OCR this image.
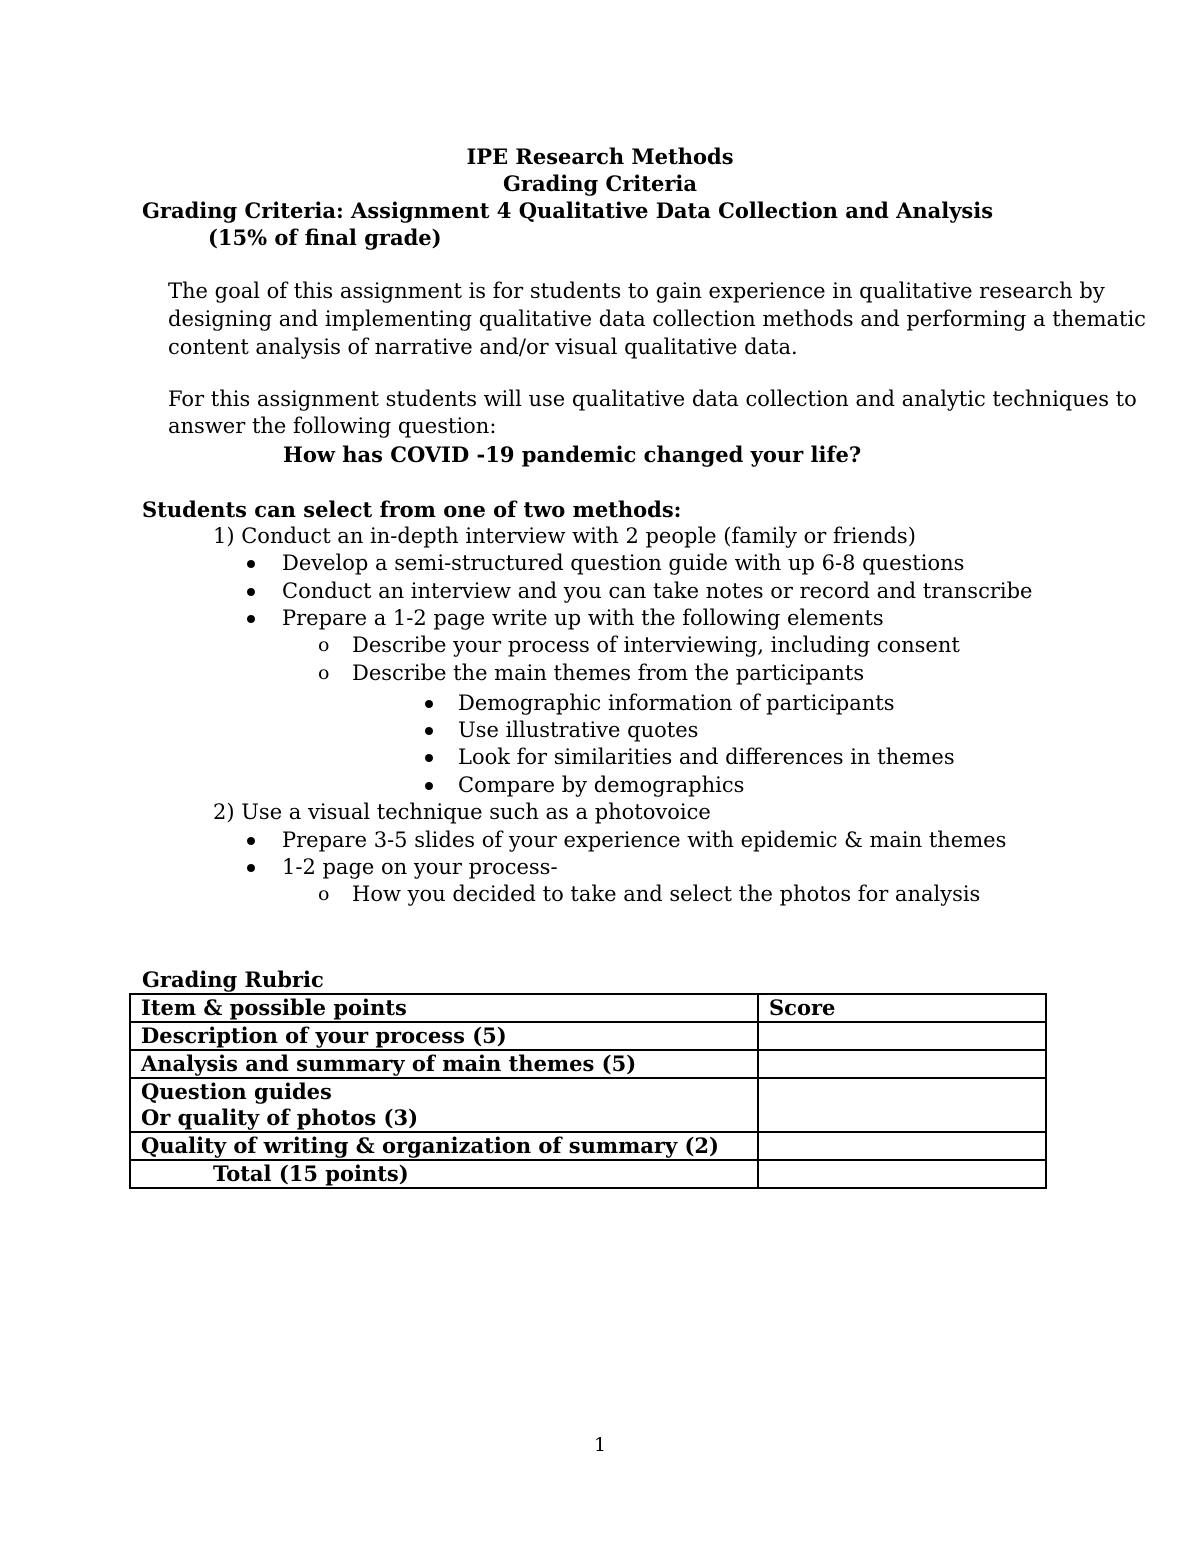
IPE Research Methods
Grading Criteria
Grading Criteria: Assignment 4 Qualitative Data Collection and Analysis
(15% of final grade)
The goal of this assignment is for students to gain experience in qualitative research by
designing and implementing qualitative data collection methods and performing a thematic
content analysis of narrative and/or visual qualitative data.
For this assignment students will use qualitative data collection and analytic techniques to
answer the following question:
How has COVID -19 pandemic changed your life?
Students can select from one of two methods:
1) Conduct an in-depth interview with 2 people (family or friends)
Develop a semi-structured question guide with up 6-8 questions
Conduct an interview and you can take notes or record and transcribe
Prepare a 1-2 page write up with the following elements
o Describe your process of interviewing, including consent
o Describe the main themes from the participants
Demographic information of participants
Use illustrative quotes
Look for similarities and differences in themes
Compare by demographics
2) Use a visual technique such as a photovoice
Prepare 3-5 slides of your experience with epidemic & main themes
1-2 page on your process-
o How you decided to take and select the photos for analysis
Grading Rubric
Item & possible points	Score
Description of your process (5)	
Analysis and summary of main themes (5)	

Question guides
Or quality of photos (3)	

Quality of writing & organization of summary (2)	
Total (15 points)	
1
